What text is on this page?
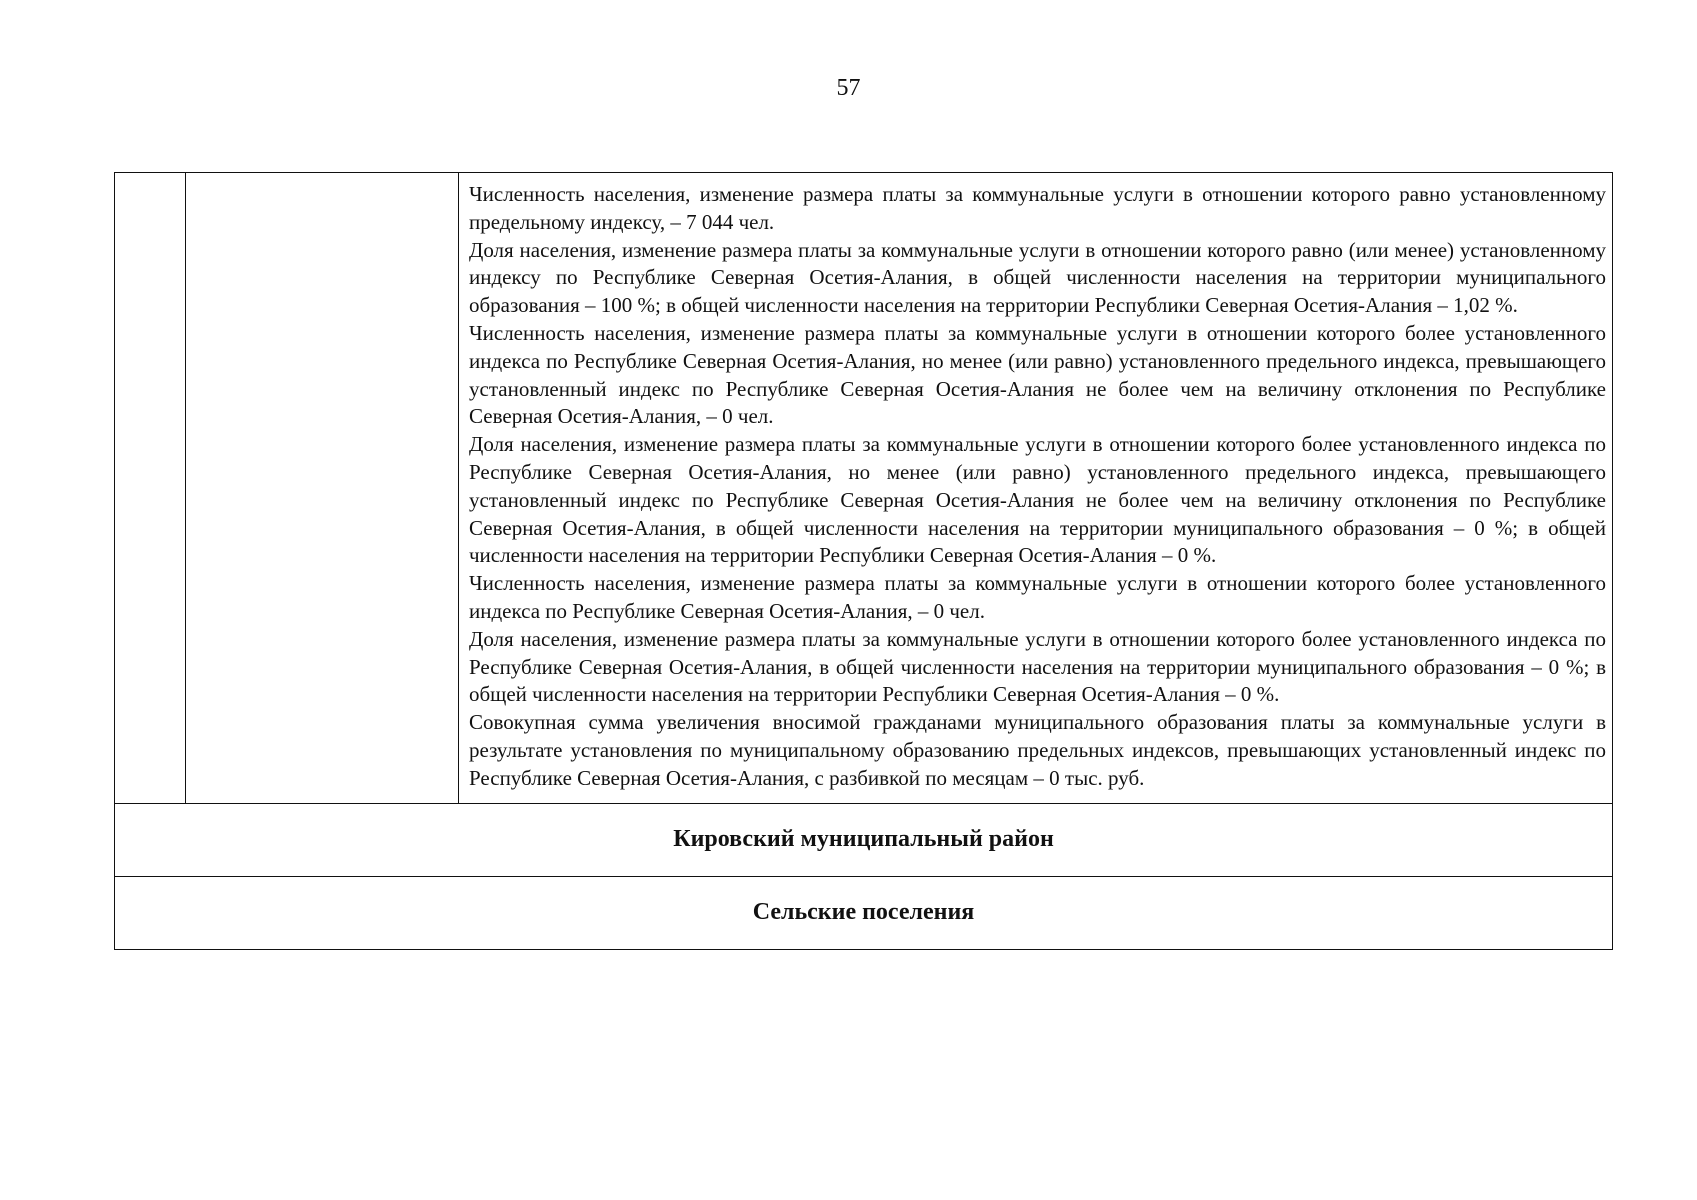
57

Численность населения, изменение размера платы за коммунальные услуги в отношении которого равно установленному предельному индексу, – 7 044 чел.

Доля населения, изменение размера платы за коммунальные услуги в отношении которого равно (или менее) установленному индексу по Республике Северная Осетия-Алания, в общей численности населения на территории муниципального образования – 100 %; в общей численности населения на территории Республики Северная Осетия-Алания – 1,02 %.

Численность населения, изменение размера платы за коммунальные услуги в отношении которого более установленного индекса по Республике Северная Осетия-Алания, но менее (или равно) установленного предельного индекса, превышающего установленный индекс по Республике Северная Осетия-Алания не более чем на величину отклонения по Республике Северная Осетия-Алания, – 0 чел.

Доля населения, изменение размера платы за коммунальные услуги в отношении которого более установленного индекса по Республике Северная Осетия-Алания, но менее (или равно) установленного предельного индекса, превышающего установленный индекс по Республике Северная Осетия-Алания не более чем на величину отклонения по Республике Северная Осетия-Алания, в общей численности населения на территории муниципального образования – 0 %; в общей численности населения на территории Республики Северная Осетия-Алания – 0 %.

Численность населения, изменение размера платы за коммунальные услуги в отношении которого более установленного индекса по Республике Северная Осетия-Алания, – 0 чел.

Доля населения, изменение размера платы за коммунальные услуги в отношении которого более установленного индекса по Республике Северная Осетия-Алания, в общей численности населения на территории муниципального образования – 0 %; в общей численности населения на территории Республики Северная Осетия-Алания – 0 %.

Совокупная сумма увеличения вносимой гражданами муниципального образования платы за коммунальные услуги в результате установления по муниципальному образованию предельных индексов, превышающих установленный индекс по Республике Северная Осетия-Алания, с разбивкой по месяцам – 0 тыс. руб.

Кировский муниципальный район
Сельские поселения
